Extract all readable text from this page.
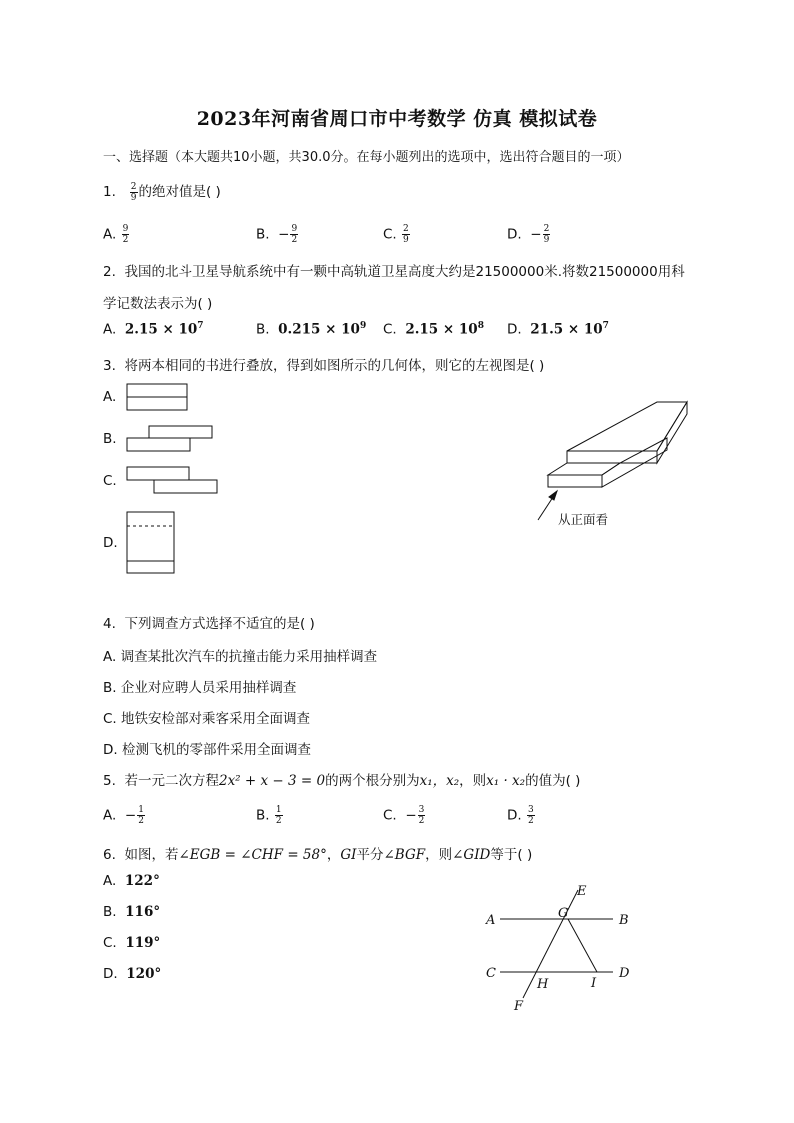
2023年河南省周口市中考数学 仿真 模拟试卷
一、选择题（本大题共10小题，共30.0分。在每小题列出的选项中，选出符合题目的一项）
1. $\frac{2}{9}$ 的绝对值是( )
A. $\frac{9}{2}$	B. − $\frac{9}{2}$	C. $\frac{2}{9}$	D. − $\frac{2}{9}$
2. 我国的北斗卫星导航系统中有一颗中高轨道卫星高度大约是21500000米.将数21500000用科
学记数法表示为( )
A. $2.15 \times 10^7$	B. $0.215 \times 10^9$ C. $2.15 \times 10^8$ D. $21.5 \times 10^7$
3. 将两本相同的书进行叠放，得到如图所示的几何体，则它的左视图是( )
A.
B.
C.
D.
从正面看
4. 下列调查方式选择不适宜的是( )
A. 调查某批次汽车的抗撞击能力采用抽样调查
B. 企业对应聘人员采用抽样调查
C. 地铁安检部对乘客采用全面调查
D. 检测飞机的零部件采用全面调查
5. 若一元二次方程2x² + x − 3 = 0的两个根分别为x₁，x₂，则x₁ · x₂的值为( )
A. − $\frac{1}{2}$	B. $\frac{1}{2}$	C. − $\frac{3}{2}$	D. $\frac{3}{2}$
6. 如图，若∠EGB = ∠CHF = 58°，GI平分∠BGF，则∠GID等于( )
A. 122°
B. 116°
C. 119°
D. 120°
A	B
C	D
E
F
G
H	I
